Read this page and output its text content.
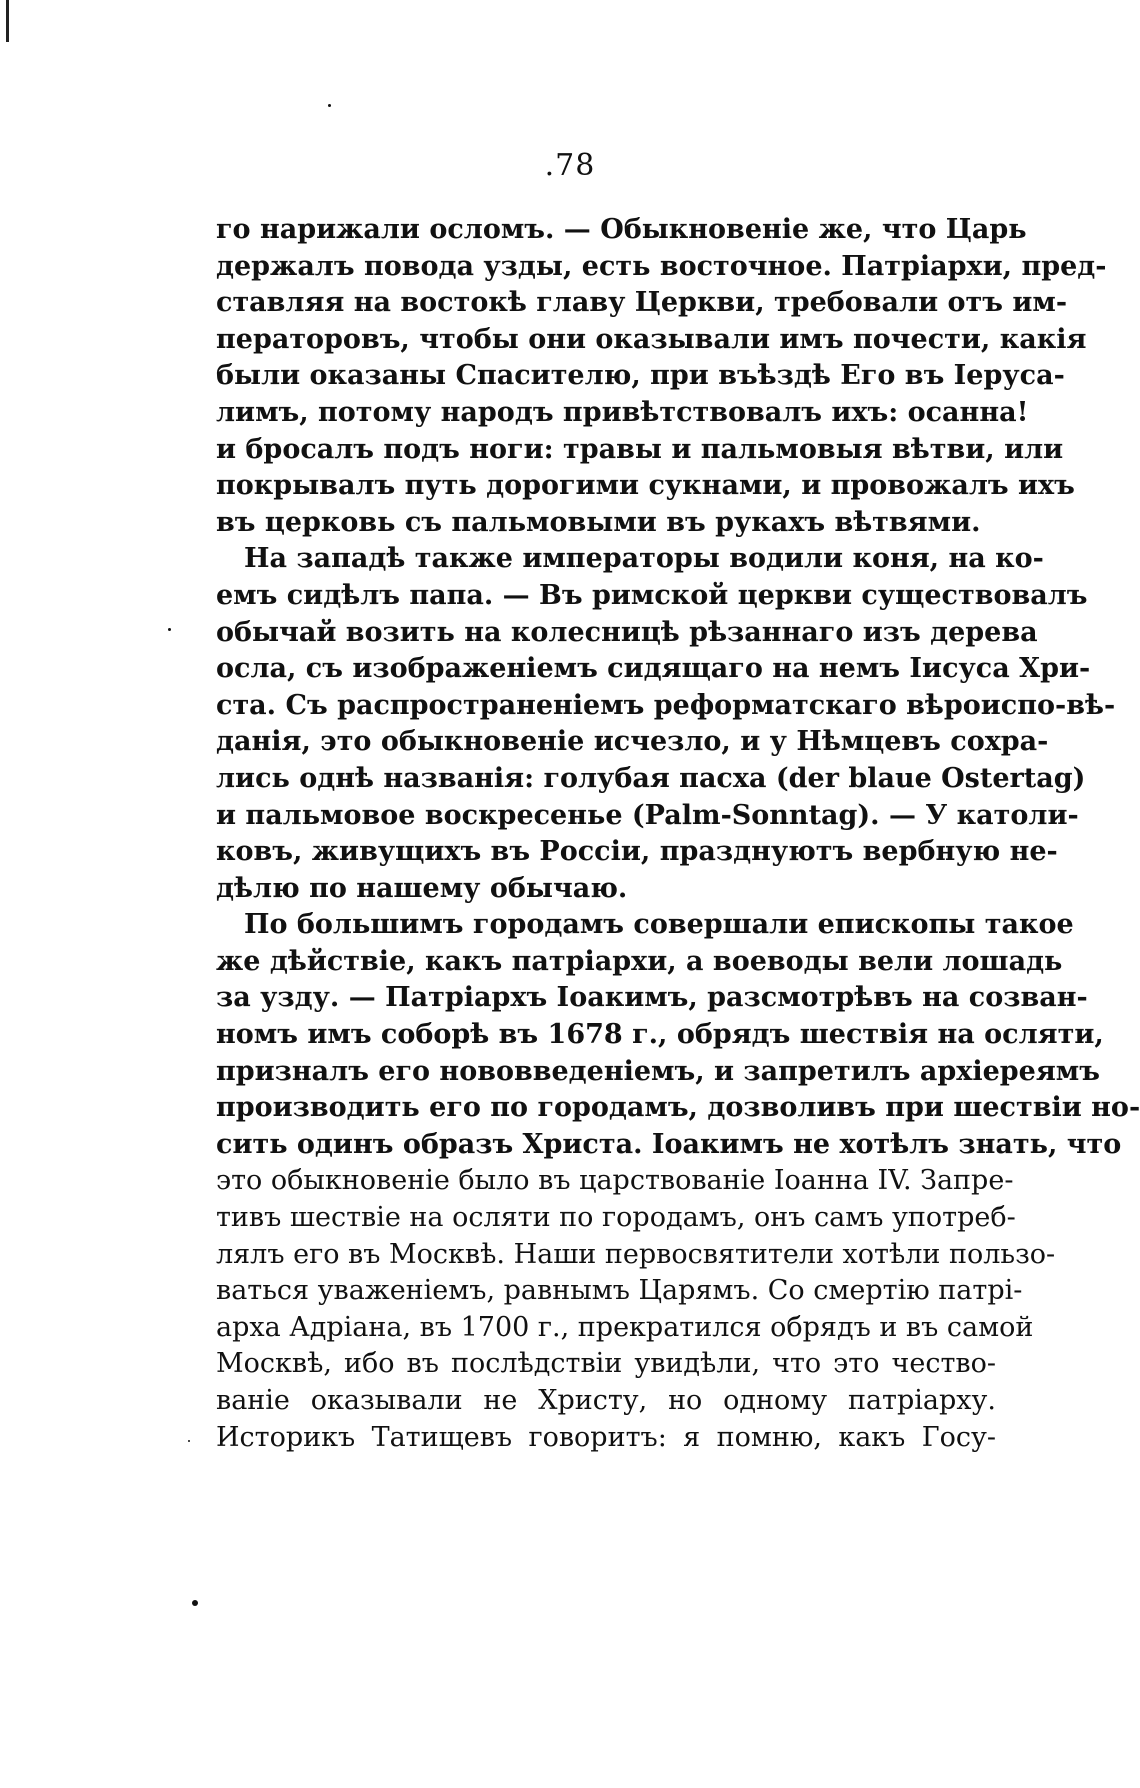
.78
го нарижали осломъ. — Обыкновеніе же, что Царь
держалъ повода узды, есть восточное. Патріархи, пред-
ставляя на востокѣ главу Церкви, требовали отъ им-
ператоровъ, чтобы они оказывали имъ почести, какія
были оказаны Спасителю, при въѣздѣ Его въ Іерусa-
лимъ, потому народъ привѣтствовалъ ихъ: осанна!
и бросалъ подъ ноги: травы и пальмовыя вѣтви, или
покрывалъ путь дорогими сукнами, и провожалъ ихъ
въ церковь съ пальмовыми въ рукахъ вѣтвями.
На западѣ также императоры водили коня, на ко-
емъ сидѣлъ папа. — Въ римской церкви существовалъ
обычай возить на колесницѣ рѣзаннаго изъ дерева
осла, съ изображеніемъ сидящаго на немъ Іисуса Хри-
ста. Съ распространеніемъ реформатскаго вѣроиспо-вѣ-
данія, это обыкновеніе исчезло, и у Нѣмцевъ сохра-
лись однѣ названія: голубая пасха (der blaue Ostertag)
и пальмовое воскресенье (Palm-Sonntag). — У католи-
ковъ, живущихъ въ Россіи, празднуютъ вербную не-
дѣлю по нашему обычаю.
По большимъ городамъ совершали епископы такое
же дѣйствіе, какъ патріархи, а воеводы вели лошадь
за узду. — Патріархъ Іоакимъ, разсмотрѣвъ на созван-
номъ имъ соборѣ въ 1678 г., обрядъ шествія на осляти,
призналъ его нововведеніемъ, и запретилъ архіереямъ
производить его по городамъ, дозволивъ при шествіи но-
сить одинъ образъ Христа. Іоакимъ не хотѣлъ знать, что
это обыкновеніе было въ царствованіе Іоанна IV. Запре-
тивъ шествіе на осляти по городамъ, онъ самъ употреб-
лялъ его въ Москвѣ. Наши первосвятители хотѣли пользо-
ваться уваженіемъ, равнымъ Царямъ. Со смертію патрі-
арха Адріана, въ 1700 г., прекратился обрядъ и въ самой
Москвѣ, ибо въ послѣдствіи увидѣли, что это чество-
ваніе оказывали не Христу, но одному патріарху.
Историкъ Татищевъ говоритъ: я помню, какъ Госу-
